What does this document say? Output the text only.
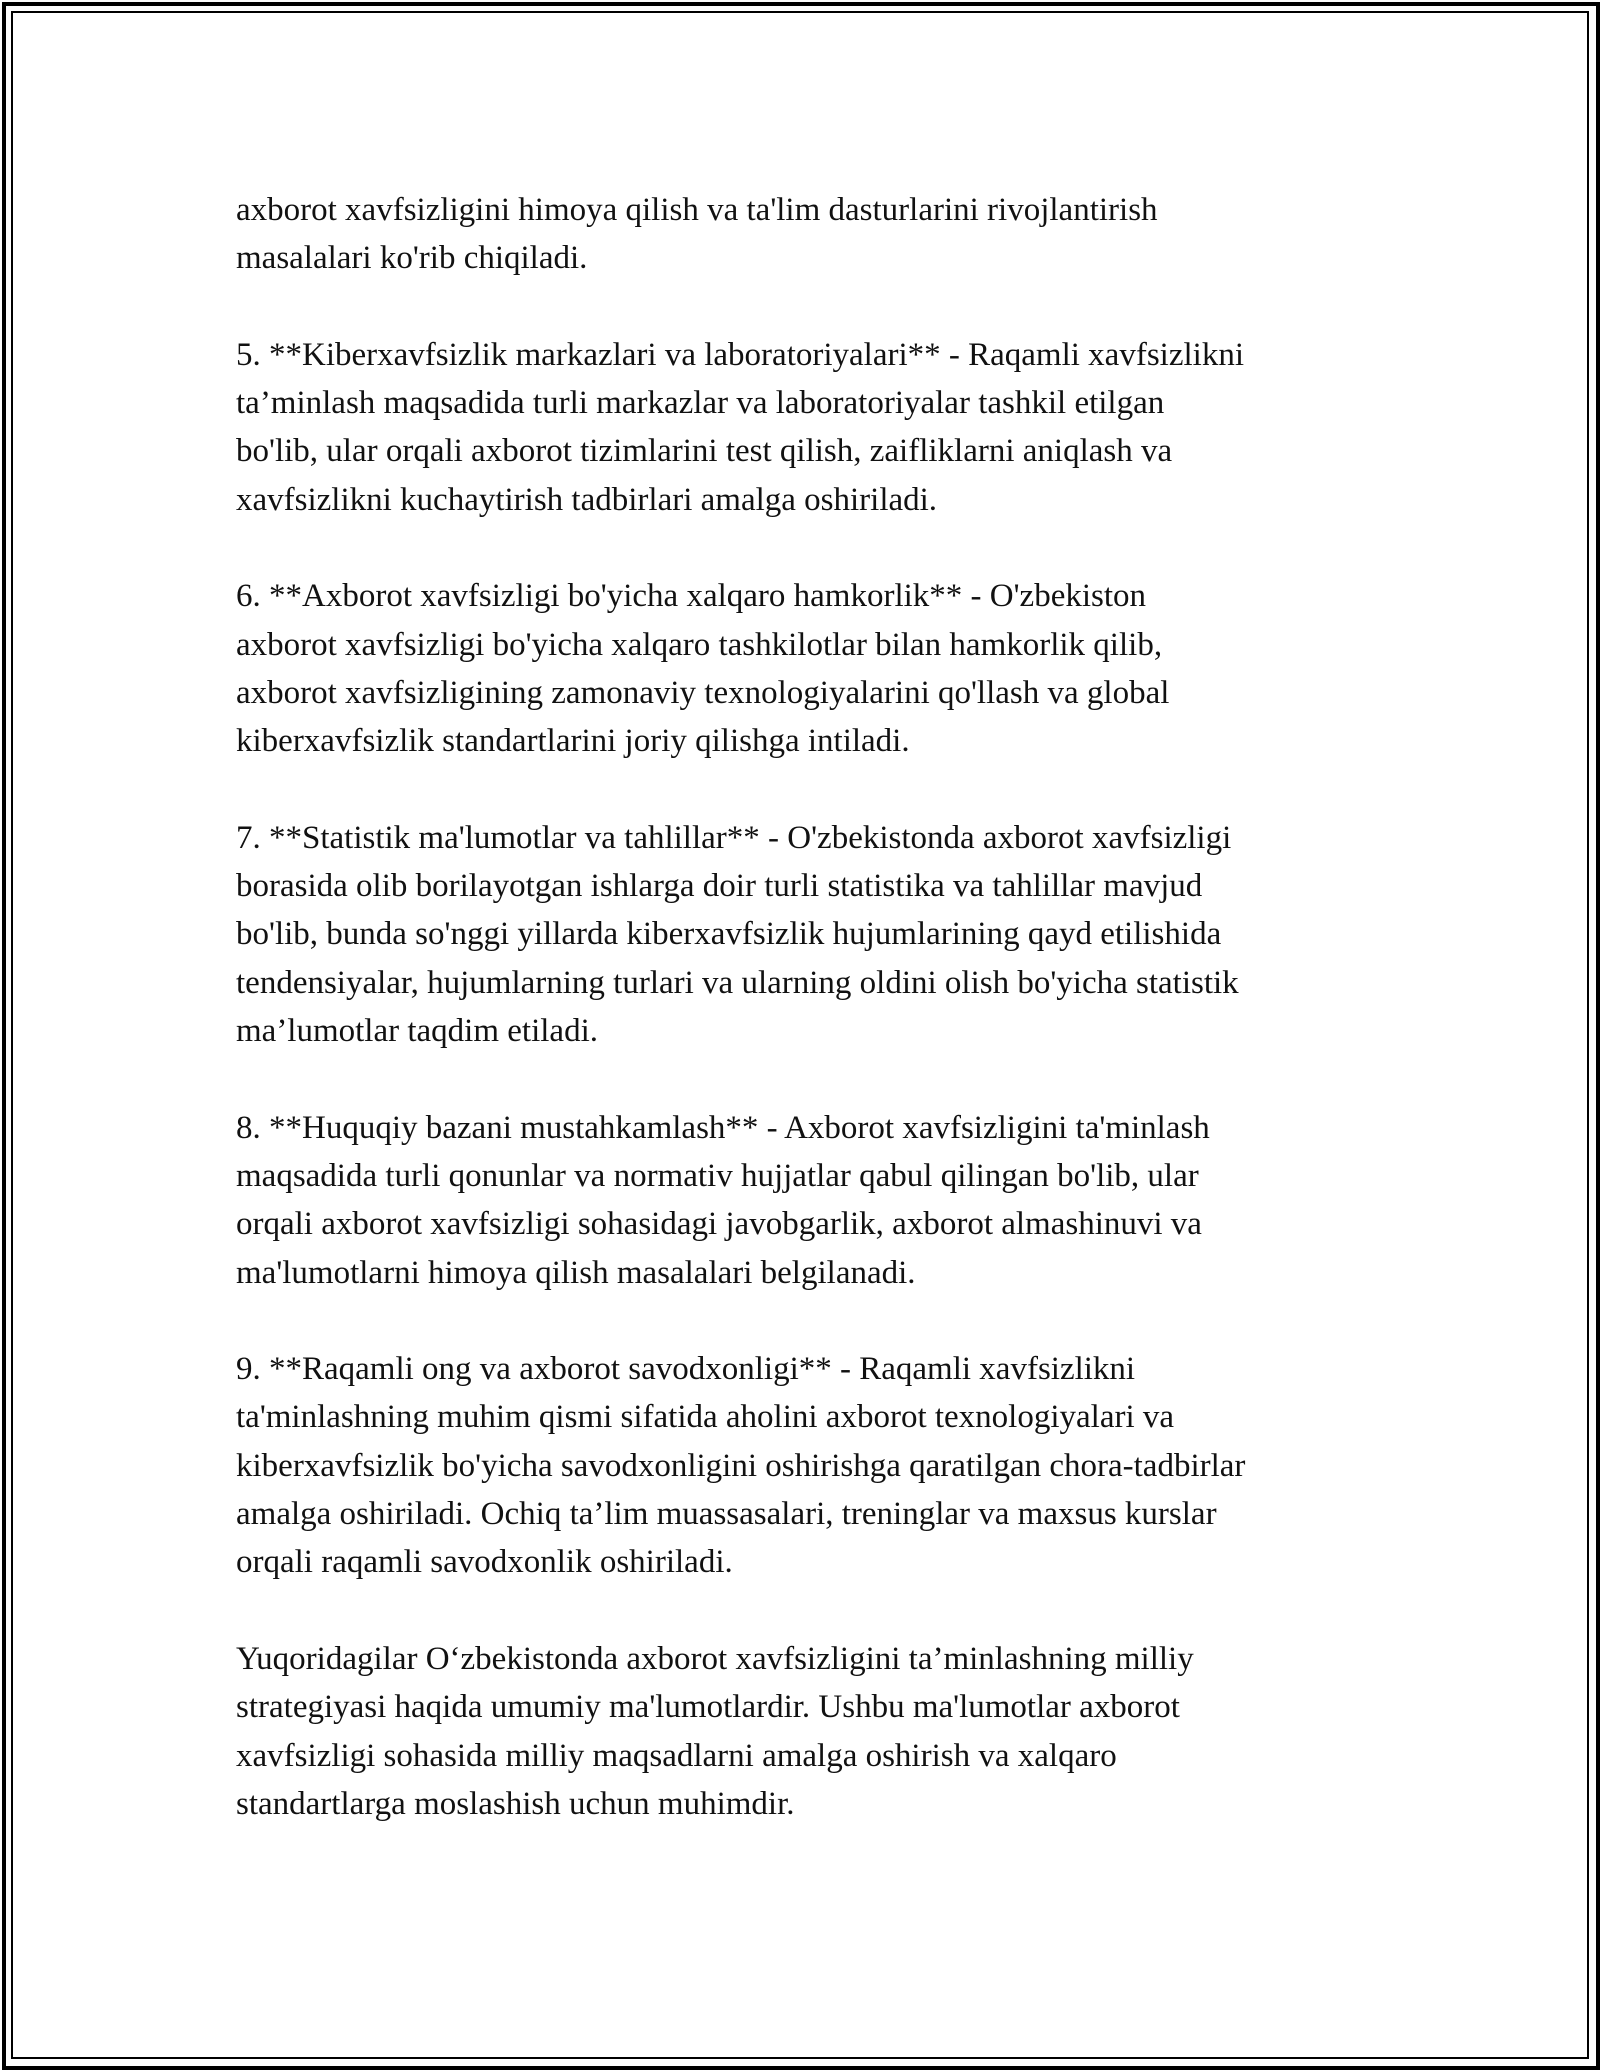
axborot xavfsizligini himoya qilish va ta'lim dasturlarini rivojlantirish
masalalari ko'rib chiqiladi.

5. **Kiberxavfsizlik markazlari va laboratoriyalari** - Raqamli xavfsizlikni
ta’minlash maqsadida turli markazlar va laboratoriyalar tashkil etilgan
bo'lib, ular orqali axborot tizimlarini test qilish, zaifliklarni aniqlash va
xavfsizlikni kuchaytirish tadbirlari amalga oshiriladi.

6. **Axborot xavfsizligi bo'yicha xalqaro hamkorlik** - O'zbekiston
axborot xavfsizligi bo'yicha xalqaro tashkilotlar bilan hamkorlik qilib,
axborot xavfsizligining zamonaviy texnologiyalarini qo'llash va global
kiberxavfsizlik standartlarini joriy qilishga intiladi.

7. **Statistik ma'lumotlar va tahlillar** - O'zbekistonda axborot xavfsizligi
borasida olib borilayotgan ishlarga doir turli statistika va tahlillar mavjud
bo'lib, bunda so'nggi yillarda kiberxavfsizlik hujumlarining qayd etilishida
tendensiyalar, hujumlarning turlari va ularning oldini olish bo'yicha statistik
ma’lumotlar taqdim etiladi.

8. **Huquqiy bazani mustahkamlash** - Axborot xavfsizligini ta'minlash
maqsadida turli qonunlar va normativ hujjatlar qabul qilingan bo'lib, ular
orqali axborot xavfsizligi sohasidagi javobgarlik, axborot almashinuvi va
ma'lumotlarni himoya qilish masalalari belgilanadi.

9. **Raqamli ong va axborot savodxonligi** - Raqamli xavfsizlikni
ta'minlashning muhim qismi sifatida aholini axborot texnologiyalari va
kiberxavfsizlik bo'yicha savodxonligini oshirishga qaratilgan chora-tadbirlar
amalga oshiriladi. Ochiq ta’lim muassasalari, treninglar va maxsus kurslar
orqali raqamli savodxonlik oshiriladi.

Yuqoridagilar O‘zbekistonda axborot xavfsizligini ta’minlashning milliy
strategiyasi haqida umumiy ma'lumotlardir. Ushbu ma'lumotlar axborot
xavfsizligi sohasida milliy maqsadlarni amalga oshirish va xalqaro
standartlarga moslashish uchun muhimdir.
